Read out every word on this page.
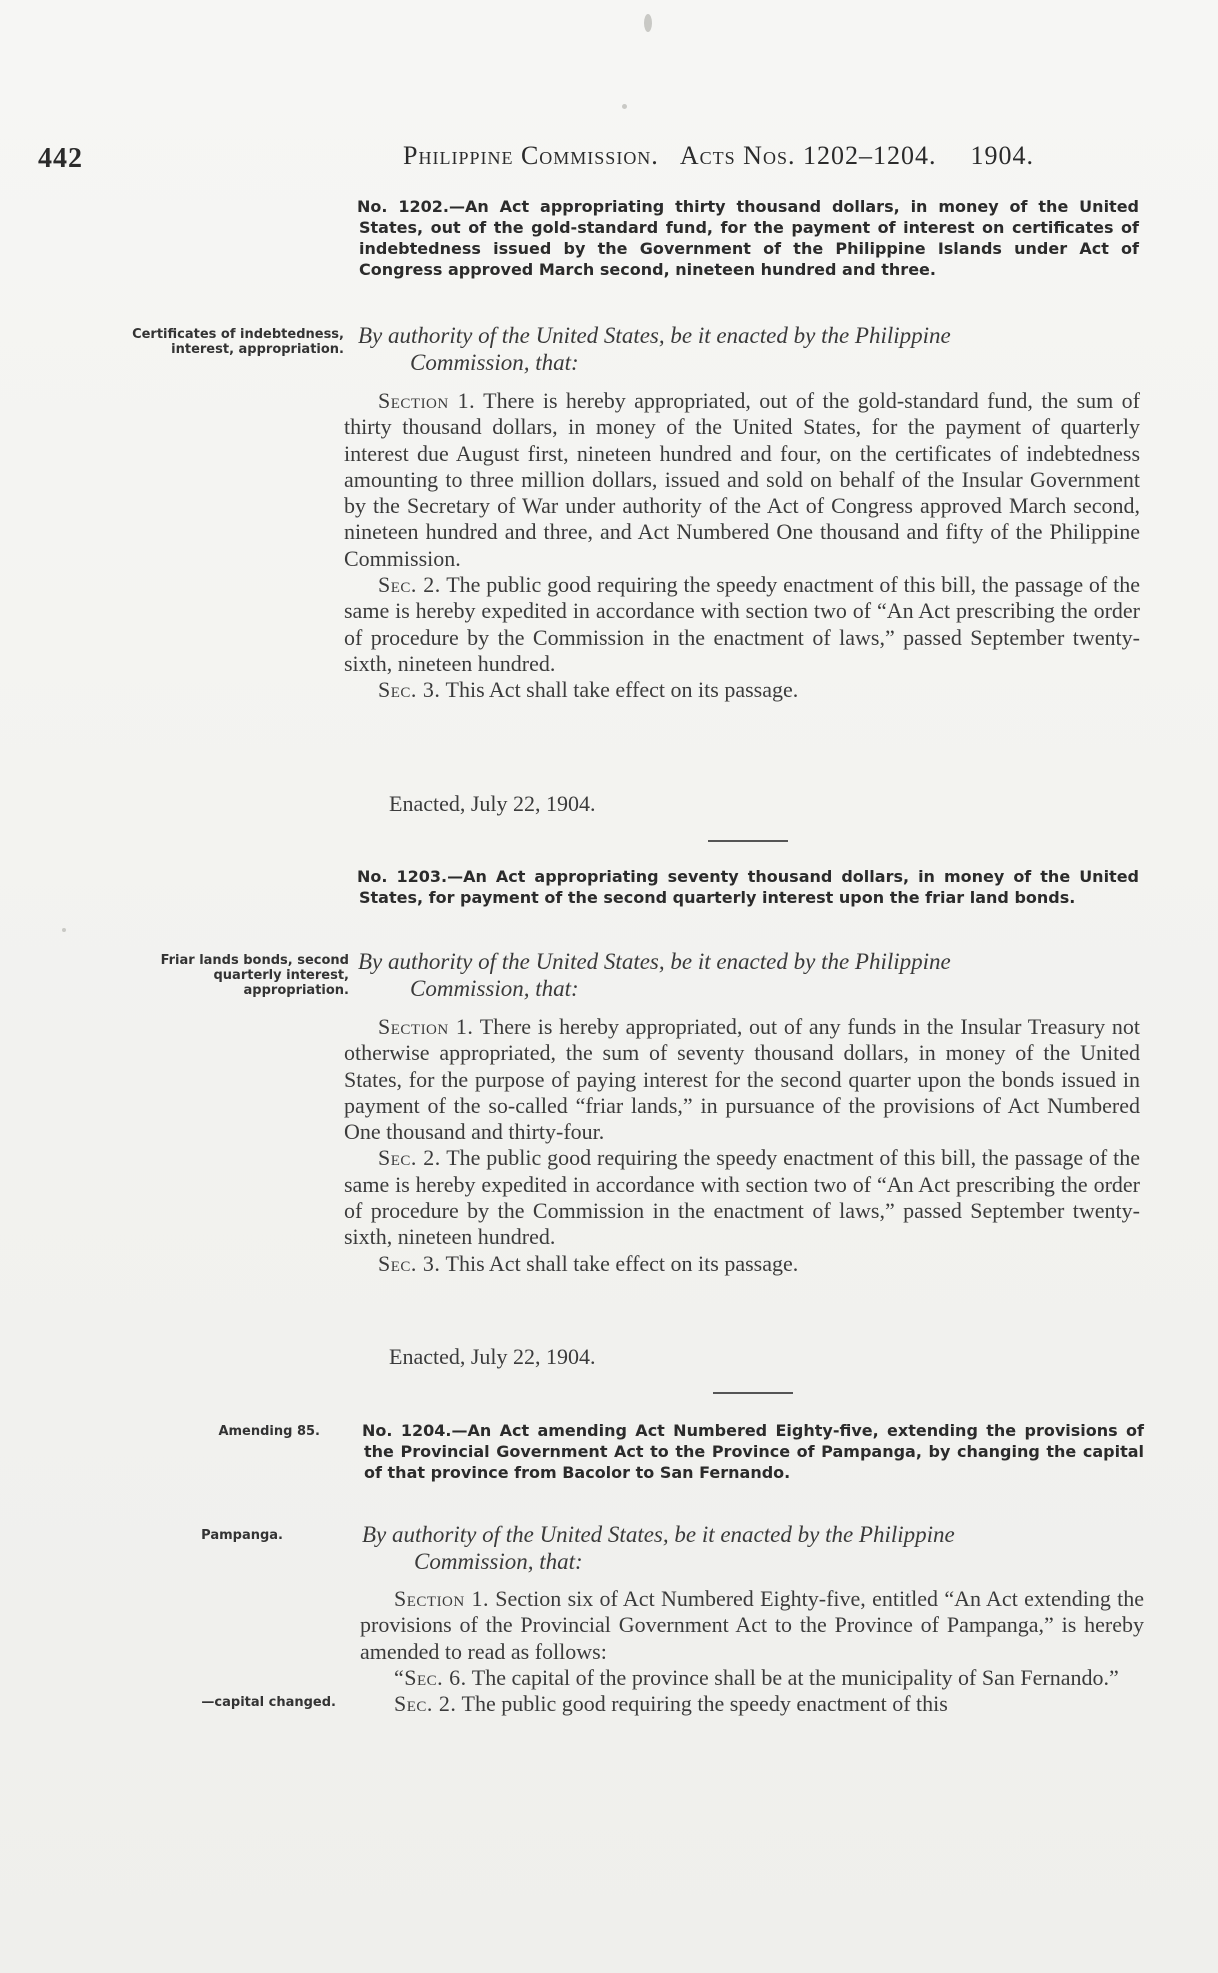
442	Philippine Commission.   Acts Nos. 1202–1204. 1904.
No. 1202.—An Act appropriating thirty thousand dollars, in money of the United States, out of the gold-standard fund, for the payment of interest on certificates of indebtedness issued by the Government of the Philippine Islands under Act of Congress approved March second, nineteen hundred and three.
Certificates of indebtedness, interest, appropriation.
By authority of the United States, be it enacted by the Philippine
Commission, that:

Section 1. There is hereby appropriated, out of the gold-standard fund, the sum of thirty thousand dollars, in money of the United States, for the payment of quarterly interest due August first, nineteen hundred and four, on the certificates of indebtedness amounting to three million dollars, issued and sold on behalf of the Insular Government by the Secretary of War under authority of the Act of Congress approved March second, nineteen hundred and three, and Act Numbered One thousand and fifty of the Philippine Commission.

Sec. 2. The public good requiring the speedy enactment of this bill, the passage of the same is hereby expedited in accordance with section two of “An Act prescribing the order of procedure by the Commission in the enactment of laws,” passed September twenty-sixth, nineteen hundred.

Sec. 3. This Act shall take effect on its passage.

Enacted, July 22, 1904.
No. 1203.—An Act appropriating seventy thousand dollars, in money of the United States, for payment of the second quarterly interest upon the friar land bonds.
Friar lands bonds, second quarterly interest, appropriation.
By authority of the United States, be it enacted by the Philippine
Commission, that:

Section 1. There is hereby appropriated, out of any funds in the Insular Treasury not otherwise appropriated, the sum of seventy thousand dollars, in money of the United States, for the purpose of paying interest for the second quarter upon the bonds issued in payment of the so-called “friar lands,” in pursuance of the provisions of Act Numbered One thousand and thirty-four.

Sec. 2. The public good requiring the speedy enactment of this bill, the passage of the same is hereby expedited in accordance with section two of “An Act prescribing the order of procedure by the Commission in the enactment of laws,” passed September twenty-sixth, nineteen hundred.

Sec. 3. This Act shall take effect on its passage.

Enacted, July 22, 1904.
Amending 85.	No. 1204.—An Act amending Act Numbered Eighty-five, extending the provisions of the Provincial Government Act to the Province of Pampanga, by changing the capital of that province from Bacolor to San Fernando.
Pampanga.	By authority of the United States, be it enacted by the Philippine
Commission, that:

Section 1. Section six of Act Numbered Eighty-five, entitled “An Act extending the provisions of the Provincial Government Act to the Province of Pampanga,” is hereby amended to read as follows:

“Sec. 6. The capital of the province shall be at the municipality of San Fernando.”

Sec. 2. The public good requiring the speedy enactment of this

—capital changed.
